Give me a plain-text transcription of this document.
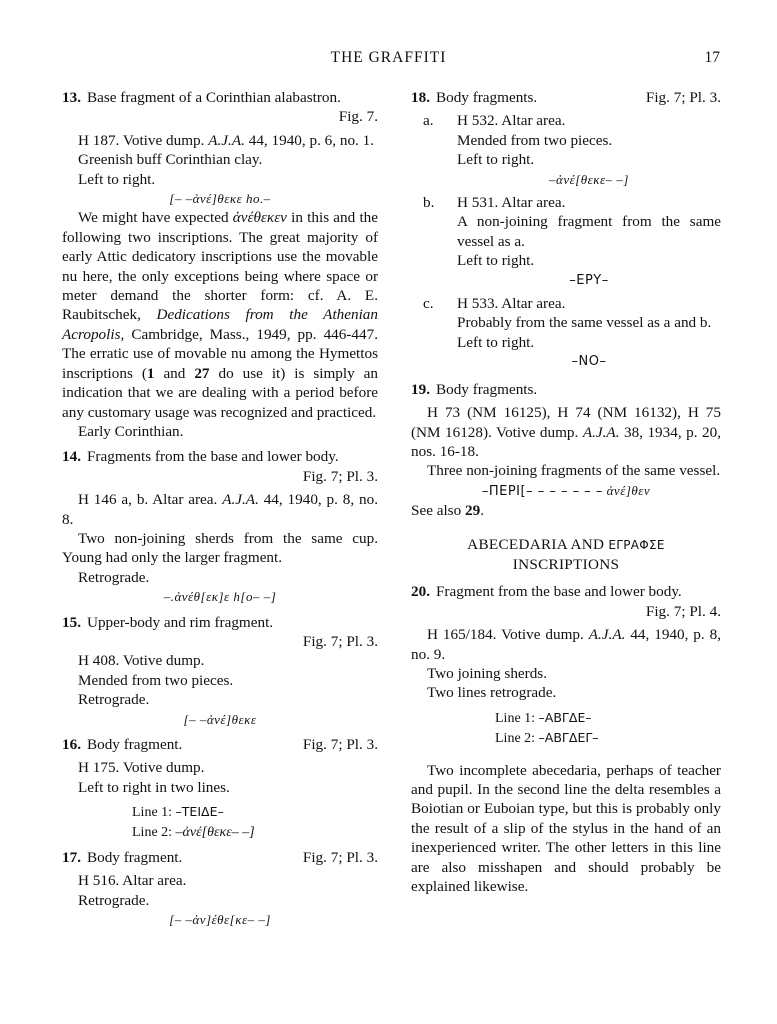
THE GRAFFITI	17

13. Base fragment of a Corinthian alabastron.

Fig. 7.

H 187. Votive dump. A.J.A. 44, 1940, p. 6, no. 1.

Greenish buff Corinthian clay.

Left to right.

[– –ἀνέ]θεκε ho.–

We might have expected ἀνέθεκεν in this and the following two inscriptions. The great majority of early Attic dedicatory inscriptions use the movable nu here, the only exceptions being where space or meter demand the shorter form: cf. A. E. Raubitschek, Dedications from the Athenian Acropolis, Cambridge, Mass., 1949, pp. 446-447. The erratic use of movable nu among the Hymettos inscriptions (1 and 27 do use it) is simply an indication that we are dealing with a period before any customary usage was recognized and practiced.

Early Corinthian.

14. Fragments from the base and lower body.

Fig. 7; Pl. 3.

H 146 a, b. Altar area. A.J.A. 44, 1940, p. 8, no. 8.

Two non-joining sherds from the same cup. Young had only the larger fragment.

Retrograde.

–.ἀνέθ[εκ]ε h[ο– –]

15. Upper-body and rim fragment.

Fig. 7; Pl. 3.

H 408. Votive dump.

Mended from two pieces.

Retrograde.

[– –ἀνέ]θεκε

16. Body fragment.	Fig. 7; Pl. 3.

H 175. Votive dump.

Left to right in two lines.

Line 1: –ΤΕΙΔΕ–
Line 2: –ἀνέ[θεκε– –]
17. Body fragment.	Fig. 7; Pl. 3.

H 516. Altar area.

Retrograde.

[– –ἀν]έθε[κε– –]

18. Body fragments.	Fig. 7; Pl. 3.
a.	H 532. Altar area.

Mended from two pieces.

Left to right.

–ἀνέ[θεκε– –]

b.	H 531. Altar area.

A non-joining fragment from the same vessel as a.

Left to right.

–ΕΡΥ–

c.	H 533. Altar area.

Probably from the same vessel as a and b.

Left to right.

–ΝΟ–

19. Body fragments.

H 73 (NM 16125), H 74 (NM 16132), H 75 (NM 16128). Votive dump. A.J.A. 38, 1934, p. 20, nos. 16-18.

Three non-joining fragments of the same vessel.

–ΠΕΡΙ[– – – – – – – ἀνέ]θεν

See also 29.

ABECEDARIA AND ΕΓΡΑΦΣΕ
INSCRIPTIONS

20. Fragment from the base and lower body.

Fig. 7; Pl. 4.

H 165/184. Votive dump. A.J.A. 44, 1940, p. 8, no. 9.

Two joining sherds.

Two lines retrograde.

Line 1: –ΑΒΓΔΕ–
Line 2: –ΑΒΓΔΕΓ–

Two incomplete abecedaria, perhaps of teacher and pupil. In the second line the delta resembles a Boiotian or Euboian type, but this is probably only the result of a slip of the stylus in the hand of an inexperienced writer. The other letters in this line are also misshapen and should probably be explained likewise.
